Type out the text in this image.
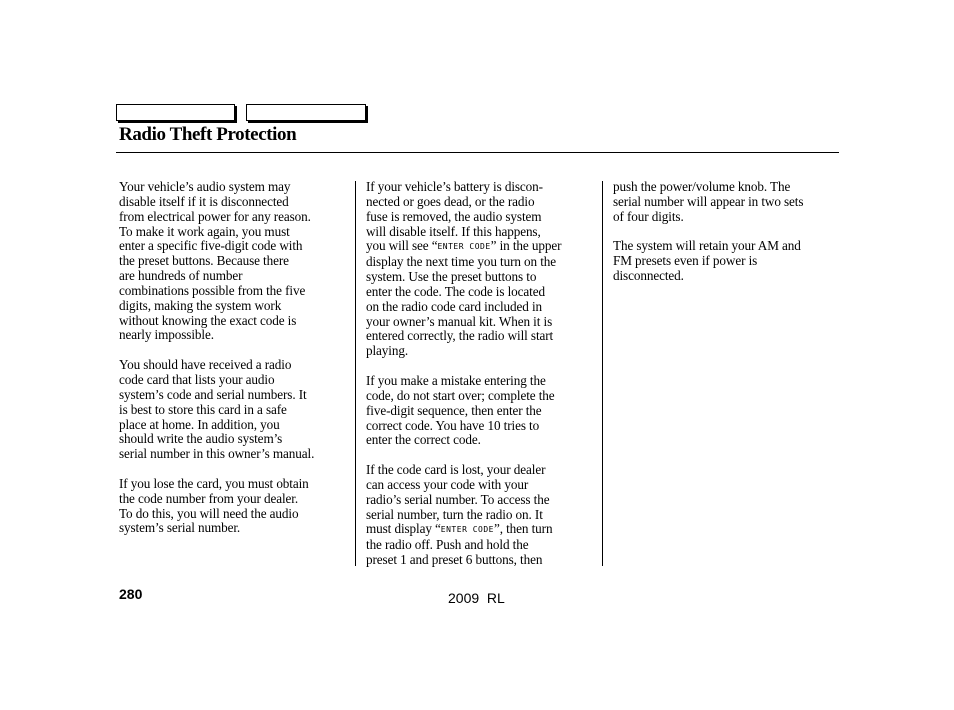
Radio Theft Protection
Your vehicle’s audio system may
disable itself if it is disconnected
from electrical power for any reason.
To make it work again, you must
enter a specific five-digit code with
the preset buttons. Because there
are hundreds of number
combinations possible from the five
digits, making the system work
without knowing the exact code is
nearly impossible.
You should have received a radio
code card that lists your audio
system’s code and serial numbers. It
is best to store this card in a safe
place at home. In addition, you
should write the audio system’s
serial number in this owner’s manual.
If you lose the card, you must obtain
the code number from your dealer.
To do this, you will need the audio
system’s serial number.
If your vehicle’s battery is discon-
nected or goes dead, or the radio
fuse is removed, the audio system
will disable itself. If this happens,
you will see “ENTER CODE” in the upper
display the next time you turn on the
system. Use the preset buttons to
enter the code. The code is located
on the radio code card included in
your owner’s manual kit. When it is
entered correctly, the radio will start
playing.
If you make a mistake entering the
code, do not start over; complete the
five-digit sequence, then enter the
correct code. You have 10 tries to
enter the correct code.
If the code card is lost, your dealer
can access your code with your
radio’s serial number. To access the
serial number, turn the radio on. It
must display “ENTER CODE”, then turn
the radio off. Push and hold the
preset 1 and preset 6 buttons, then
push the power/volume knob. The
serial number will appear in two sets
of four digits.
The system will retain your AM and
FM presets even if power is
disconnected.
280	2009  RL
